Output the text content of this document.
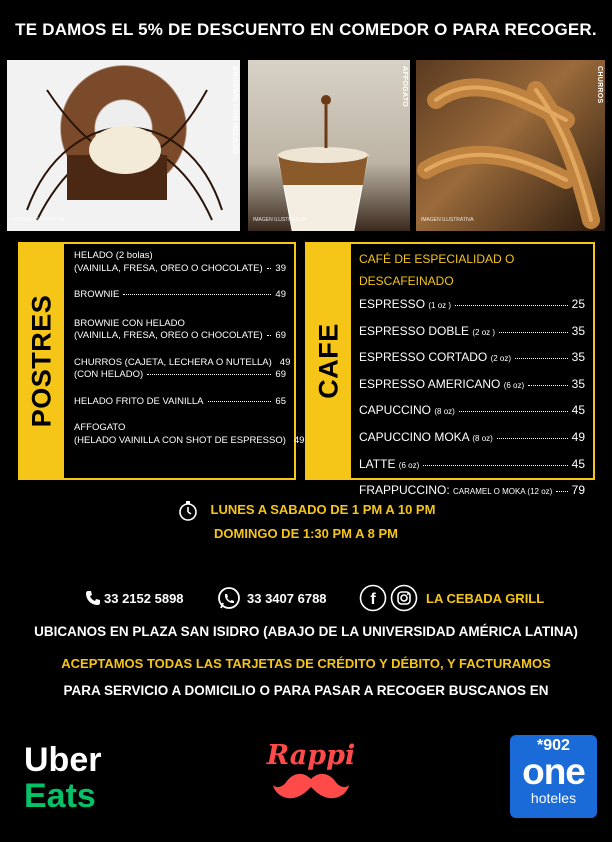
TE DAMOS EL 5% DE DESCUENTO EN COMEDOR O PARA RECOGER.
BROWNIE CON HELADO
IMAGEN ILUSTRATIVA
AFFOGATO
IMAGEN ILUSTRATIVA
CHURROS
IMAGEN ILUSTRATIVA
POSTRES
HELADO (2 bolas)
(VAINILLA, FRESA, OREO O CHOCOLATE) 39
BROWNIE	49
BROWNIE CON HELADO
(VAINILLA, FRESA, OREO O CHOCOLATE) 69
CHURROS (CAJETA, LECHERA O NUTELLA) 49
(CON HELADO)	69
HELADO FRITO DE VAINILLA	65
AFFOGATO
(HELADO VAINILLA CON SHOT DE ESPRESSO) 49
CAFE
CAFÉ DE ESPECIALIDAD O DESCAFEINADO
ESPRESSO (1 oz )	25
ESPRESSO DOBLE (2 oz )	35
ESPRESSO CORTADO (2 oz)	35
ESPRESSO AMERICANO (6 oz)	35
CAPUCCINO (8 oz)	45
CAPUCCINO MOKA (8 oz)	49
LATTE (6 oz)	45
FRAPPUCCINO: CARAMEL O MOKA (12 oz) 79
LUNES A SABADO DE 1 PM A 10 PM
DOMINGO DE 1:30 PM A 8 PM
33 2152 5898	33 3407 6788	f	LA CEBADA GRILL
UBICANOS EN PLAZA SAN ISIDRO (ABAJO DE LA UNIVERSIDAD AMÉRICA LATINA)
ACEPTAMOS TODAS LAS TARJETAS DE CRÉDITO Y DÉBITO, Y FACTURAMOS
PARA SERVICIO A DOMICILIO O PARA PASAR A RECOGER BUSCANOS EN
Uber
Eats
Rappi	*902
one
hoteles
